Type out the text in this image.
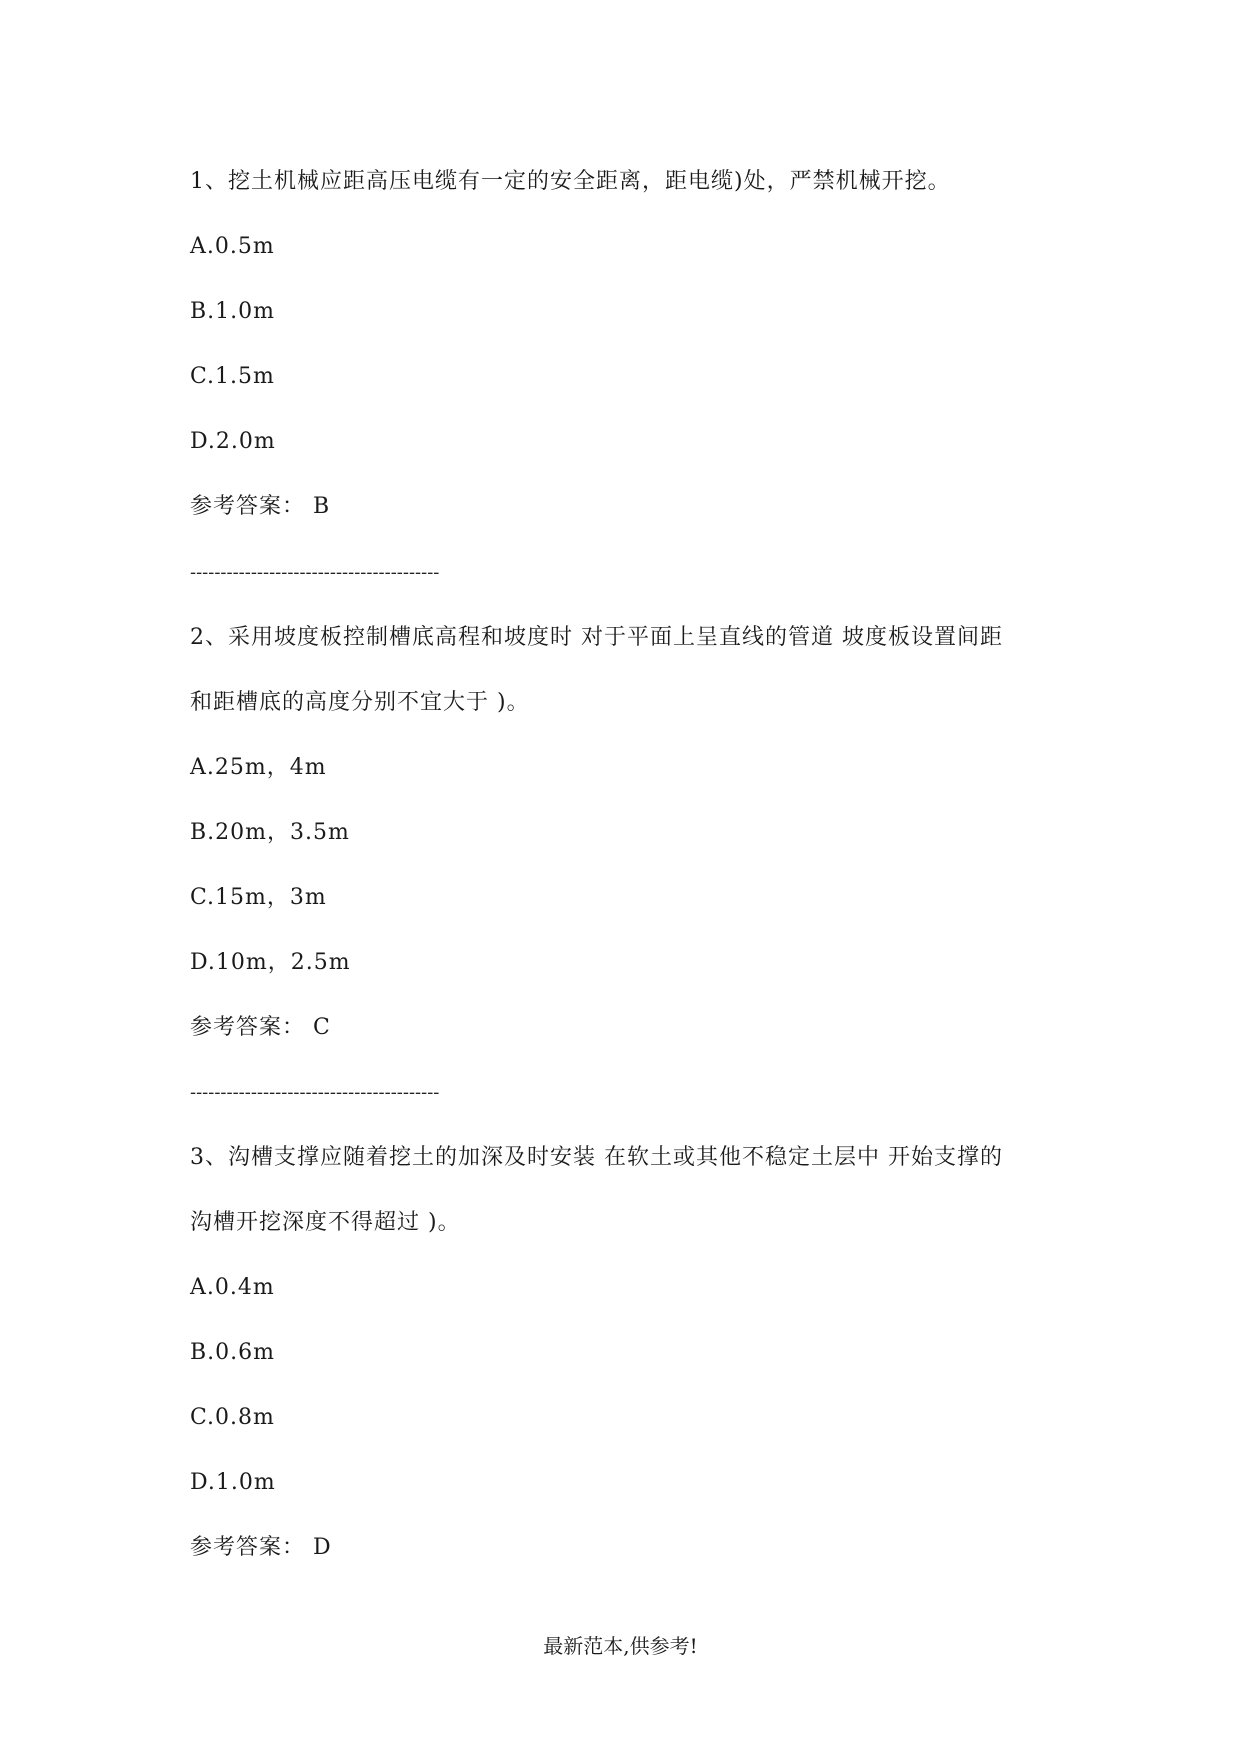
1、挖土机械应距高压电缆有一定的安全距离，距电缆)处，严禁机械开挖。
A.0.5m
B.1.0m
C.1.5m
D.2.0m
参考答案： B
-----------------------------------------
2、采用坡度板控制槽底高程和坡度时 对于平面上呈直线的管道 坡度板设置间距
和距槽底的高度分别不宜大于 )。
A.25m，4m
B.20m，3.5m
C.15m，3m
D.10m，2.5m
参考答案： C
-----------------------------------------
3、沟槽支撑应随着挖土的加深及时安装 在软土或其他不稳定土层中 开始支撑的
沟槽开挖深度不得超过 )。
A.0.4m
B.0.6m
C.0.8m
D.1.0m
参考答案： D
最新范本,供参考!
